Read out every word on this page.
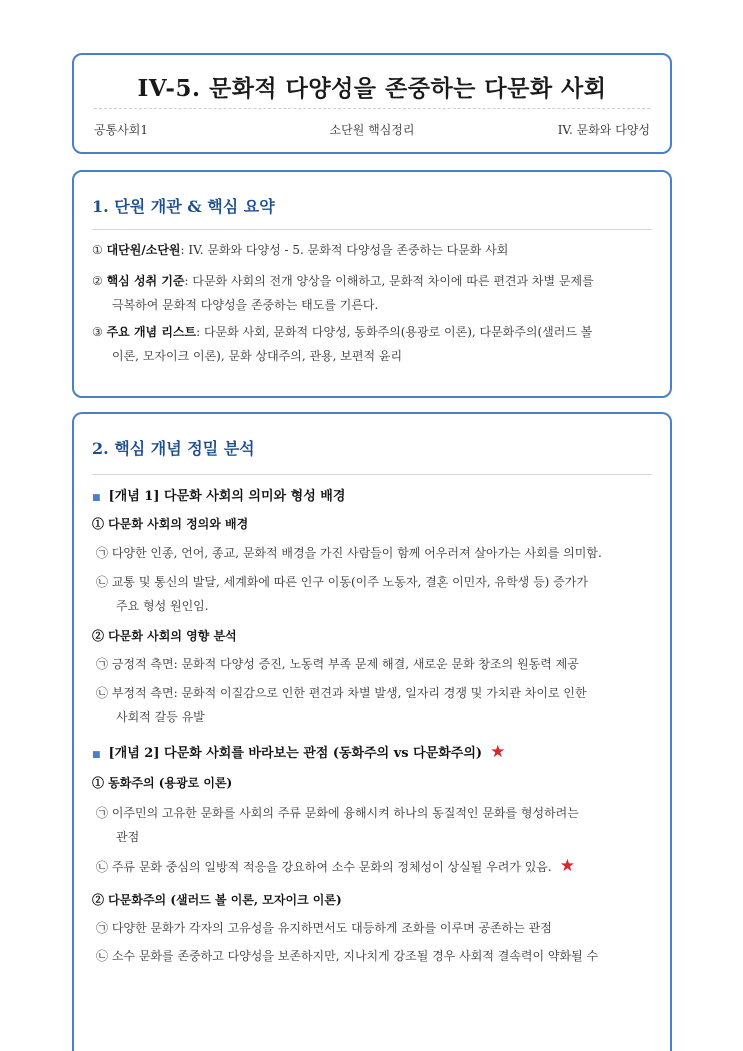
IV-5. 문화적 다양성을 존중하는 다문화 사회
공통사회1	소단원 핵심정리	IV. 문화와 다양성
1. 단원 개관 & 핵심 요약
① 대단원/소단원: IV. 문화와 다양성 - 5. 문화적 다양성을 존중하는 다문화 사회
② 핵심 성취 기준: 다문화 사회의 전개 양상을 이해하고, 문화적 차이에 따른 편견과 차별 문제를
극복하여 문화적 다양성을 존중하는 태도를 기른다.
③ 주요 개념 리스트: 다문화 사회, 문화적 다양성, 동화주의(용광로 이론), 다문화주의(샐러드 볼
이론, 모자이크 이론), 문화 상대주의, 관용, 보편적 윤리
2. 핵심 개념 정밀 분석
■ [개념 1] 다문화 사회의 의미와 형성 배경
① 다문화 사회의 정의와 배경
㉠ 다양한 인종, 언어, 종교, 문화적 배경을 가진 사람들이 함께 어우러져 살아가는 사회를 의미함.
㉡ 교통 및 통신의 발달, 세계화에 따른 인구 이동(이주 노동자, 결혼 이민자, 유학생 등) 증가가
주요 형성 원인임.
② 다문화 사회의 영향 분석
㉠ 긍정적 측면: 문화적 다양성 증진, 노동력 부족 문제 해결, 새로운 문화 창조의 원동력 제공
㉡ 부정적 측면: 문화적 이질감으로 인한 편견과 차별 발생, 일자리 경쟁 및 가치관 차이로 인한
사회적 갈등 유발
■ [개념 2] 다문화 사회를 바라보는 관점 (동화주의 vs 다문화주의) ★
① 동화주의 (용광로 이론)
㉠ 이주민의 고유한 문화를 사회의 주류 문화에 융해시켜 하나의 동질적인 문화를 형성하려는
관점
㉡ 주류 문화 중심의 일방적 적응을 강요하여 소수 문화의 정체성이 상실될 우려가 있음. ★
② 다문화주의 (샐러드 볼 이론, 모자이크 이론)
㉠ 다양한 문화가 각자의 고유성을 유지하면서도 대등하게 조화를 이루며 공존하는 관점
㉡ 소수 문화를 존중하고 다양성을 보존하지만, 지나치게 강조될 경우 사회적 결속력이 약화될 수
